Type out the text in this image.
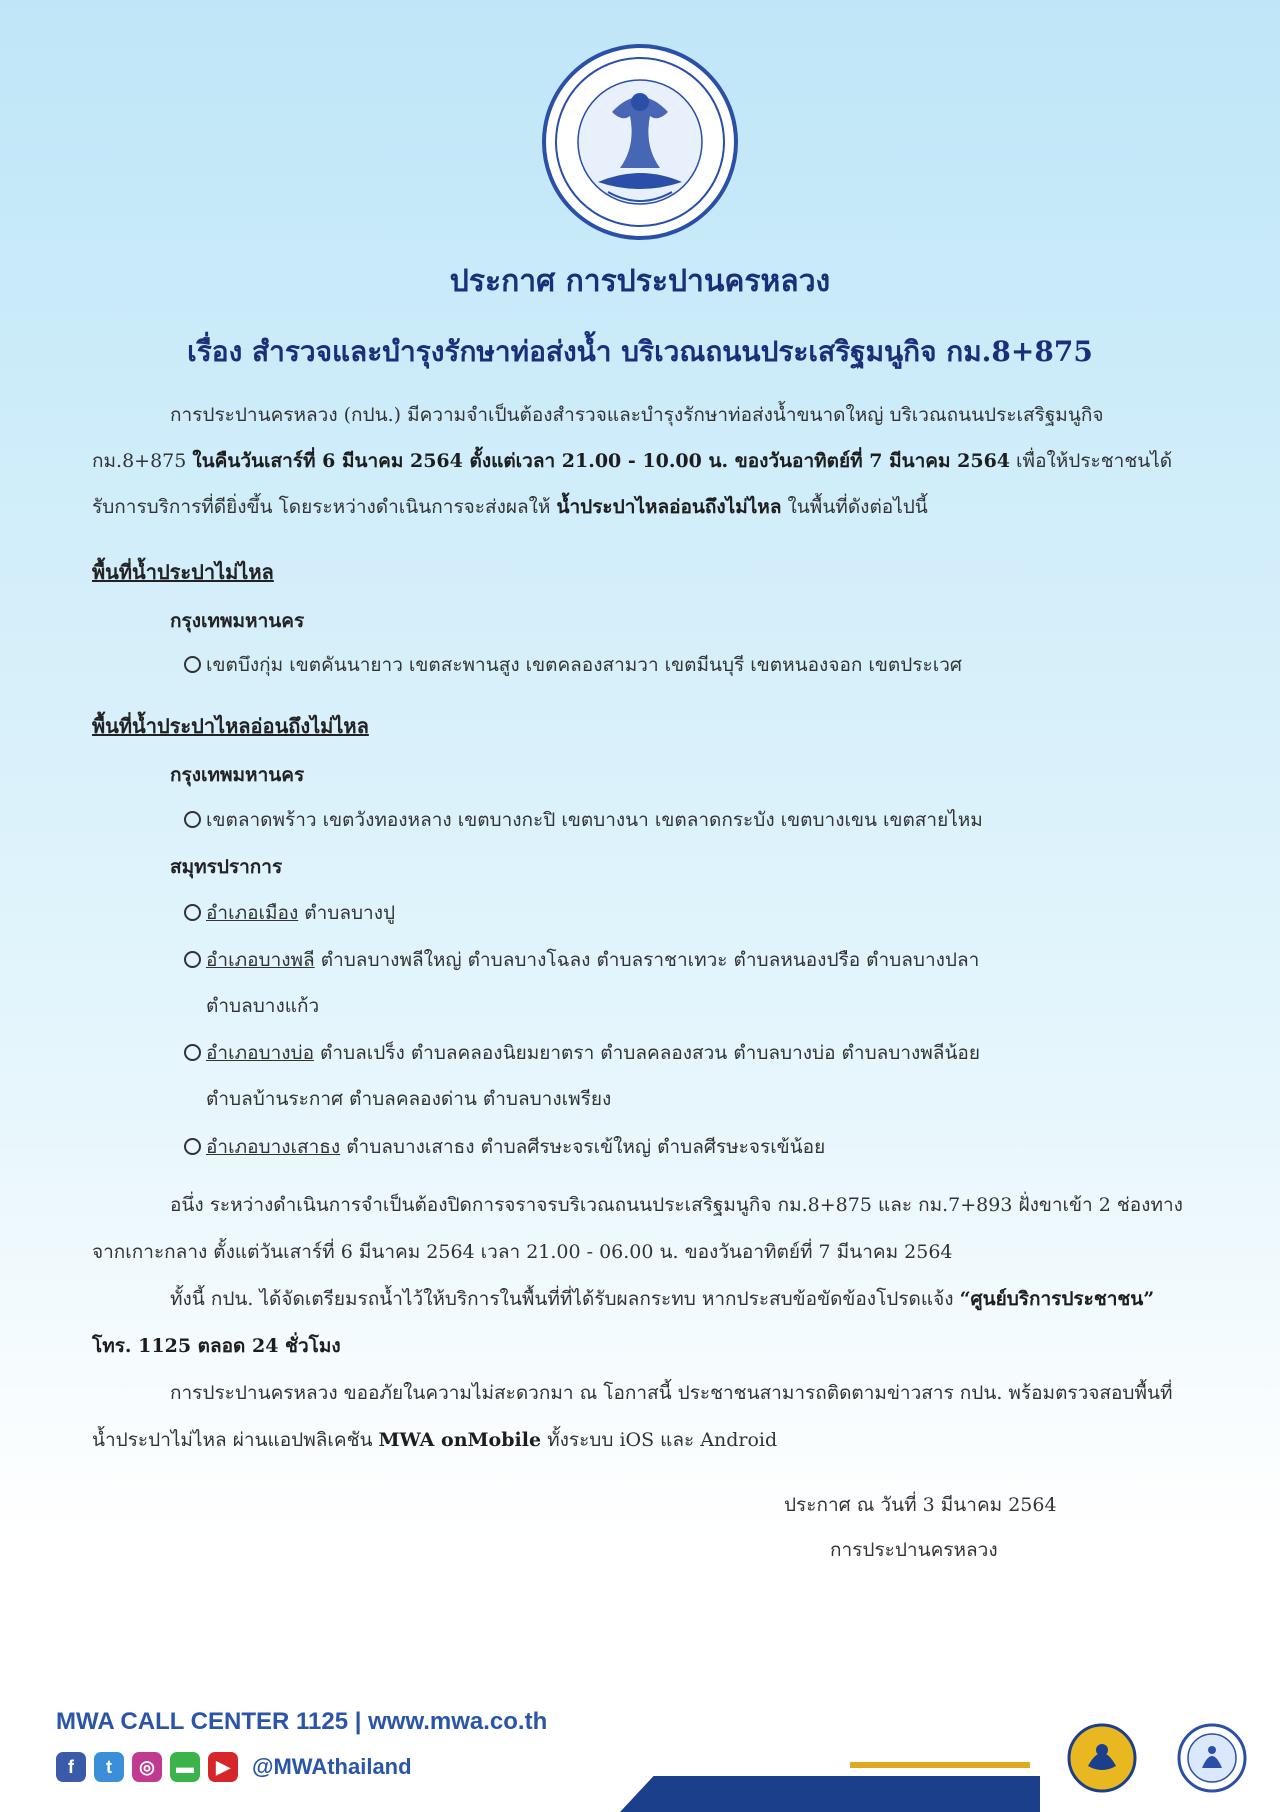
ประกาศ การประปานครหลวง
เรื่อง สำรวจและบำรุงรักษาท่อส่งน้ำ บริเวณถนนประเสริฐมนูกิจ กม.8+875
การประปานครหลวง (กปน.) มีความจำเป็นต้องสำรวจและบำรุงรักษาท่อส่งน้ำขนาดใหญ่ บริเวณถนนประเสริฐมนูกิจ กม.8+875 ในคืนวันเสาร์ที่ 6 มีนาคม 2564 ตั้งแต่เวลา 21.00 - 10.00 น. ของวันอาทิตย์ที่ 7 มีนาคม 2564 เพื่อให้ประชาชนได้รับการบริการที่ดียิ่งขึ้น โดยระหว่างดำเนินการจะส่งผลให้ น้ำประปาไหลอ่อนถึงไม่ไหล ในพื้นที่ดังต่อไปนี้
พื้นที่น้ำประปาไม่ไหล
กรุงเทพมหานคร
เขตบึงกุ่ม เขตคันนายาว เขตสะพานสูง เขตคลองสามวา เขตมีนบุรี เขตหนองจอก เขตประเวศ
พื้นที่น้ำประปาไหลอ่อนถึงไม่ไหล
กรุงเทพมหานคร
เขตลาดพร้าว เขตวังทองหลาง เขตบางกะปิ เขตบางนา เขตลาดกระบัง เขตบางเขน เขตสายไหม
สมุทรปราการ
อำเภอเมือง ตำบลบางปู
อำเภอบางพลี ตำบลบางพลีใหญ่ ตำบลบางโฉลง ตำบลราชาเทวะ ตำบลหนองปรือ ตำบลบางปลา
ตำบลบางแก้ว
อำเภอบางบ่อ ตำบลเปร็ง ตำบลคลองนิยมยาตรา ตำบลคลองสวน ตำบลบางบ่อ ตำบลบางพลีน้อย
ตำบลบ้านระกาศ ตำบลคลองด่าน ตำบลบางเพรียง
อำเภอบางเสาธง ตำบลบางเสาธง ตำบลศีรษะจรเข้ใหญ่ ตำบลศีรษะจรเข้น้อย
อนึ่ง ระหว่างดำเนินการจำเป็นต้องปิดการจราจรบริเวณถนนประเสริฐมนูกิจ กม.8+875 และ กม.7+893 ฝั่งขาเข้า 2 ช่องทางจากเกาะกลาง ตั้งแต่วันเสาร์ที่ 6 มีนาคม 2564 เวลา 21.00 - 06.00 น. ของวันอาทิตย์ที่ 7 มีนาคม 2564
ทั้งนี้ กปน. ได้จัดเตรียมรถน้ำไว้ให้บริการในพื้นที่ที่ได้รับผลกระทบ หากประสบข้อขัดข้องโปรดแจ้ง “ศูนย์บริการประชาชน” โทร. 1125 ตลอด 24 ชั่วโมง
การประปานครหลวง ขออภัยในความไม่สะดวกมา ณ โอกาสนี้ ประชาชนสามารถติดตามข่าวสาร กปน. พร้อมตรวจสอบพื้นที่น้ำประปาไม่ไหล ผ่านแอปพลิเคชัน MWA onMobile ทั้งระบบ iOS และ Android
ประกาศ ณ วันที่ 3 มีนาคม 2564
การประปานครหลวง
MWA CALL CENTER 1125 | www.mwa.co.th
f	t	◎	▬	▶	@MWAthailand
